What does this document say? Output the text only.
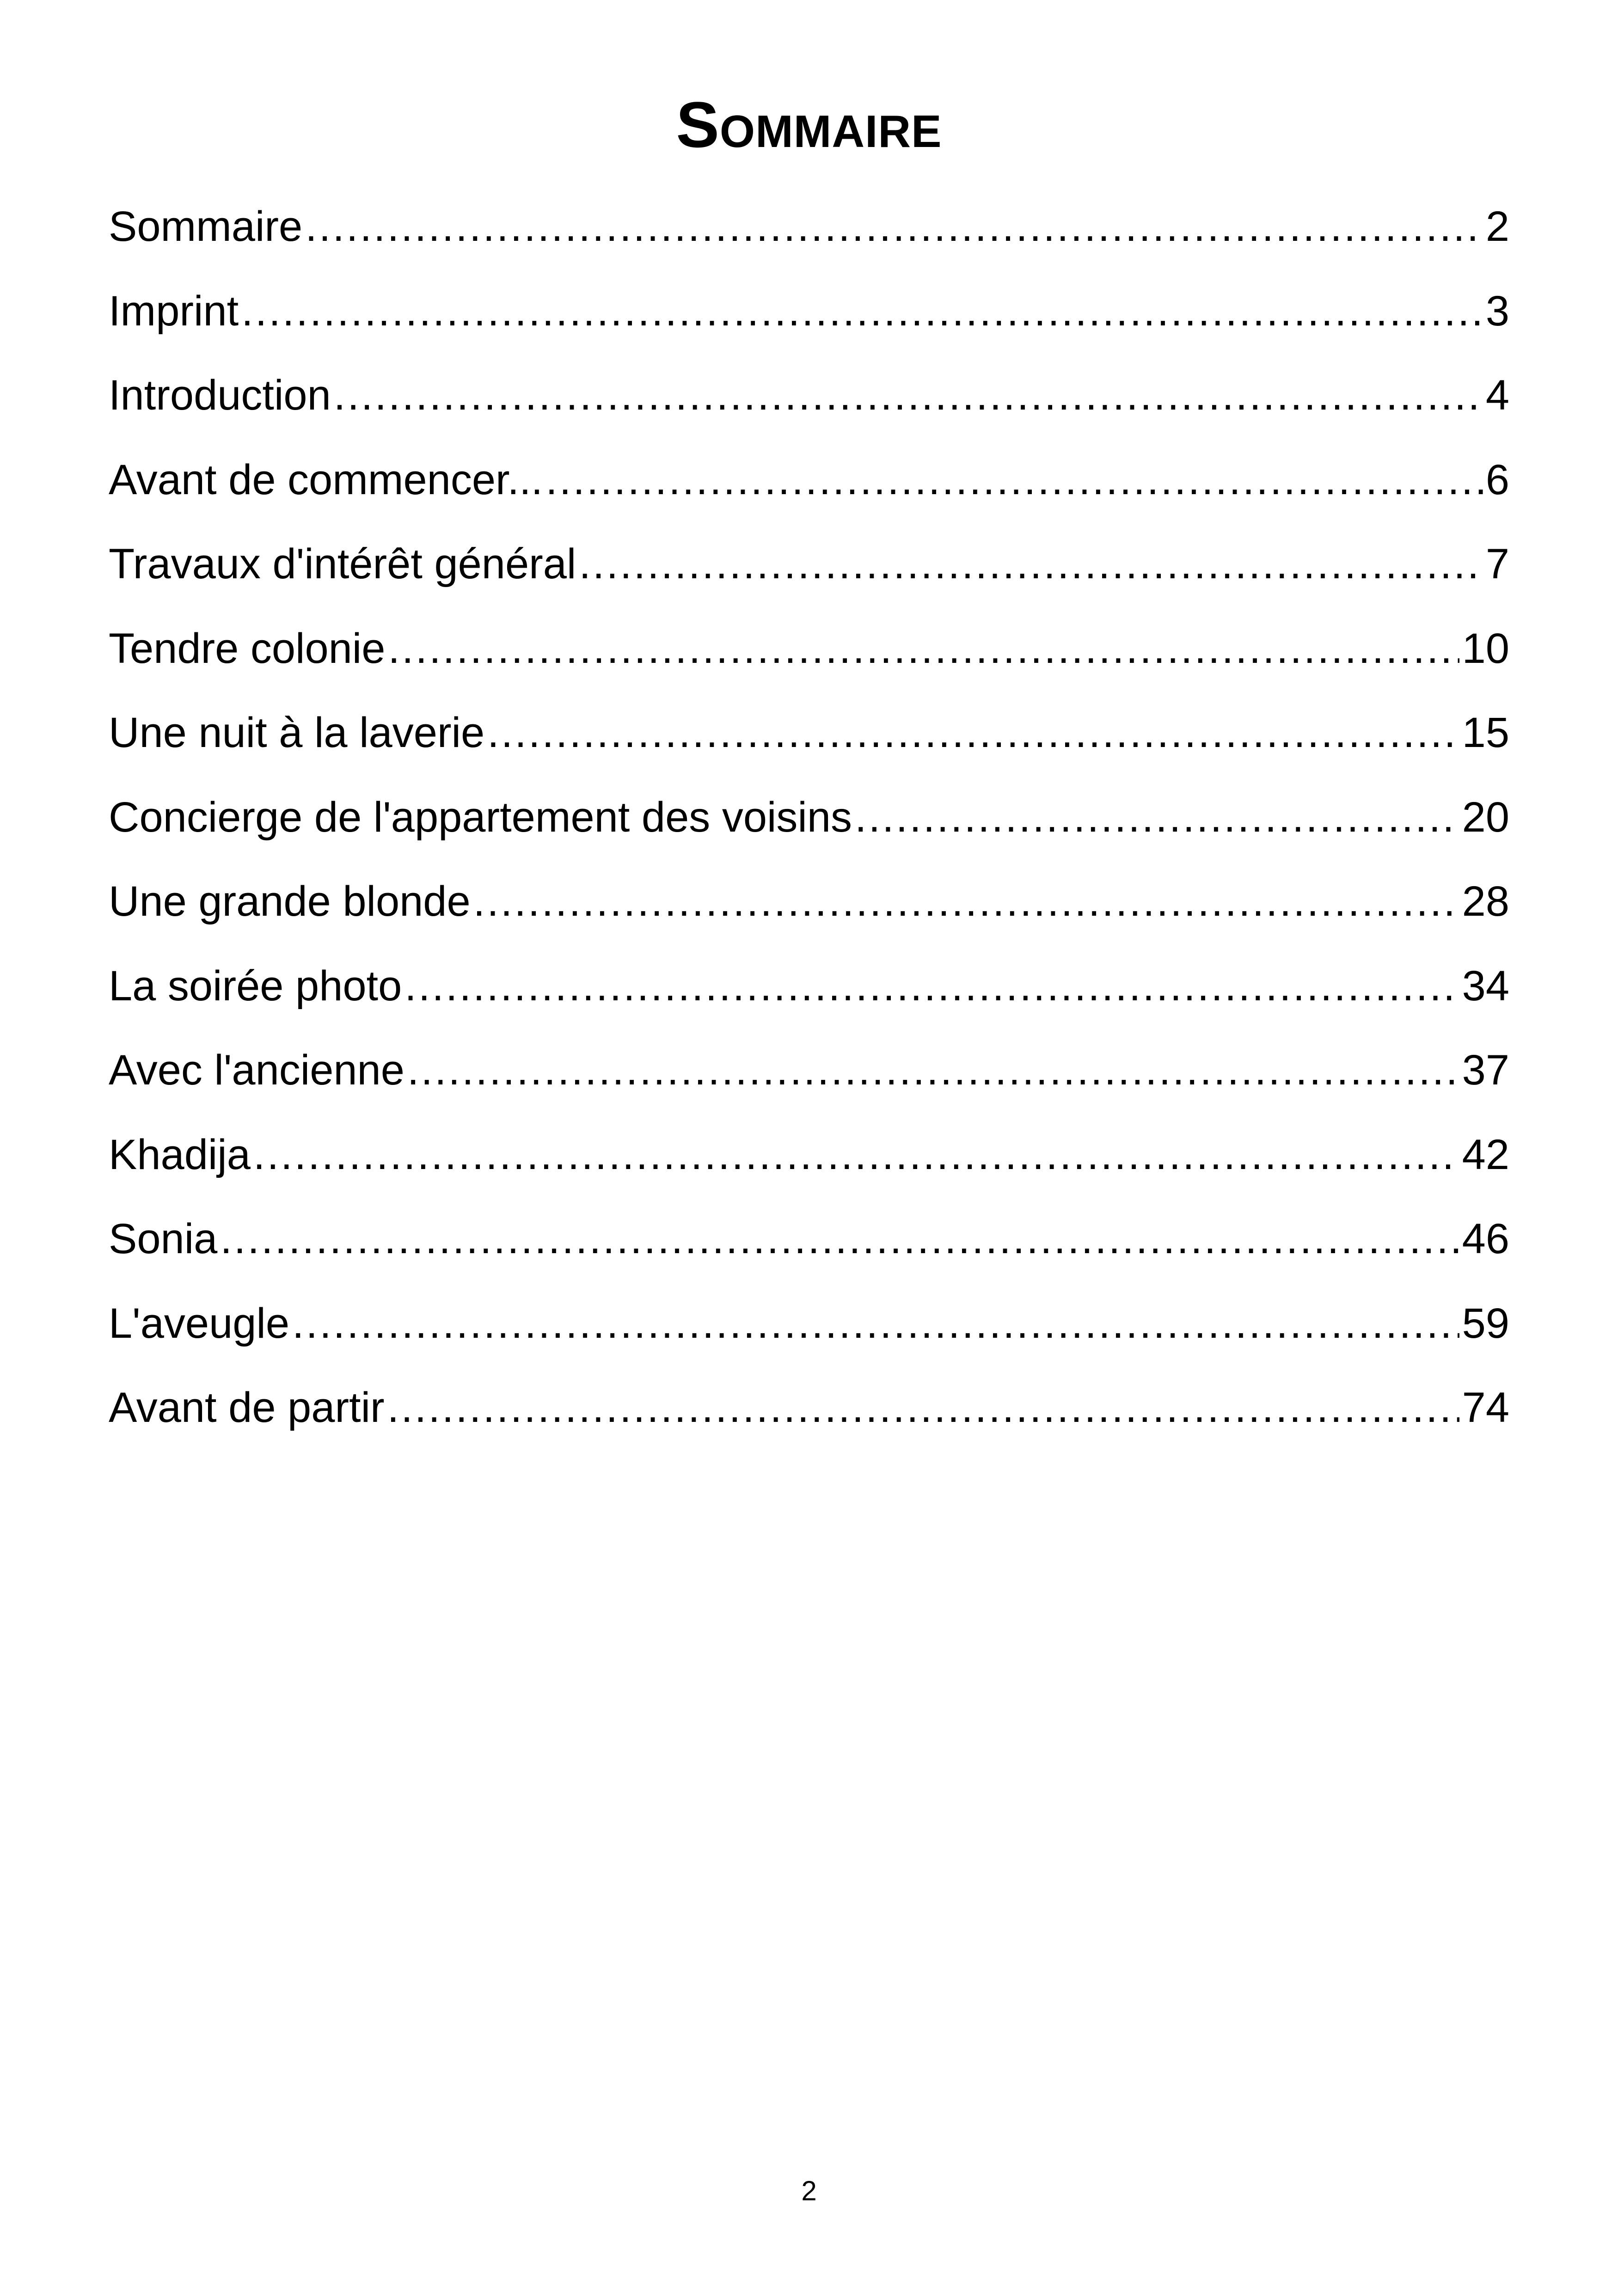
Sommaire
Sommaire .....	2
Imprint .....	3
Introduction .....	4
Avant de commencer... .....	6
Travaux d'intérêt général .....	7
Tendre colonie .....	10
Une nuit à la laverie .....	15
Concierge de l'appartement des voisins .....	20
Une grande blonde .....	28
La soirée photo .....	34
Avec l'ancienne .....	37
Khadija .....	42
Sonia .....	46
L'aveugle .....	59
Avant de partir .....	74
2
